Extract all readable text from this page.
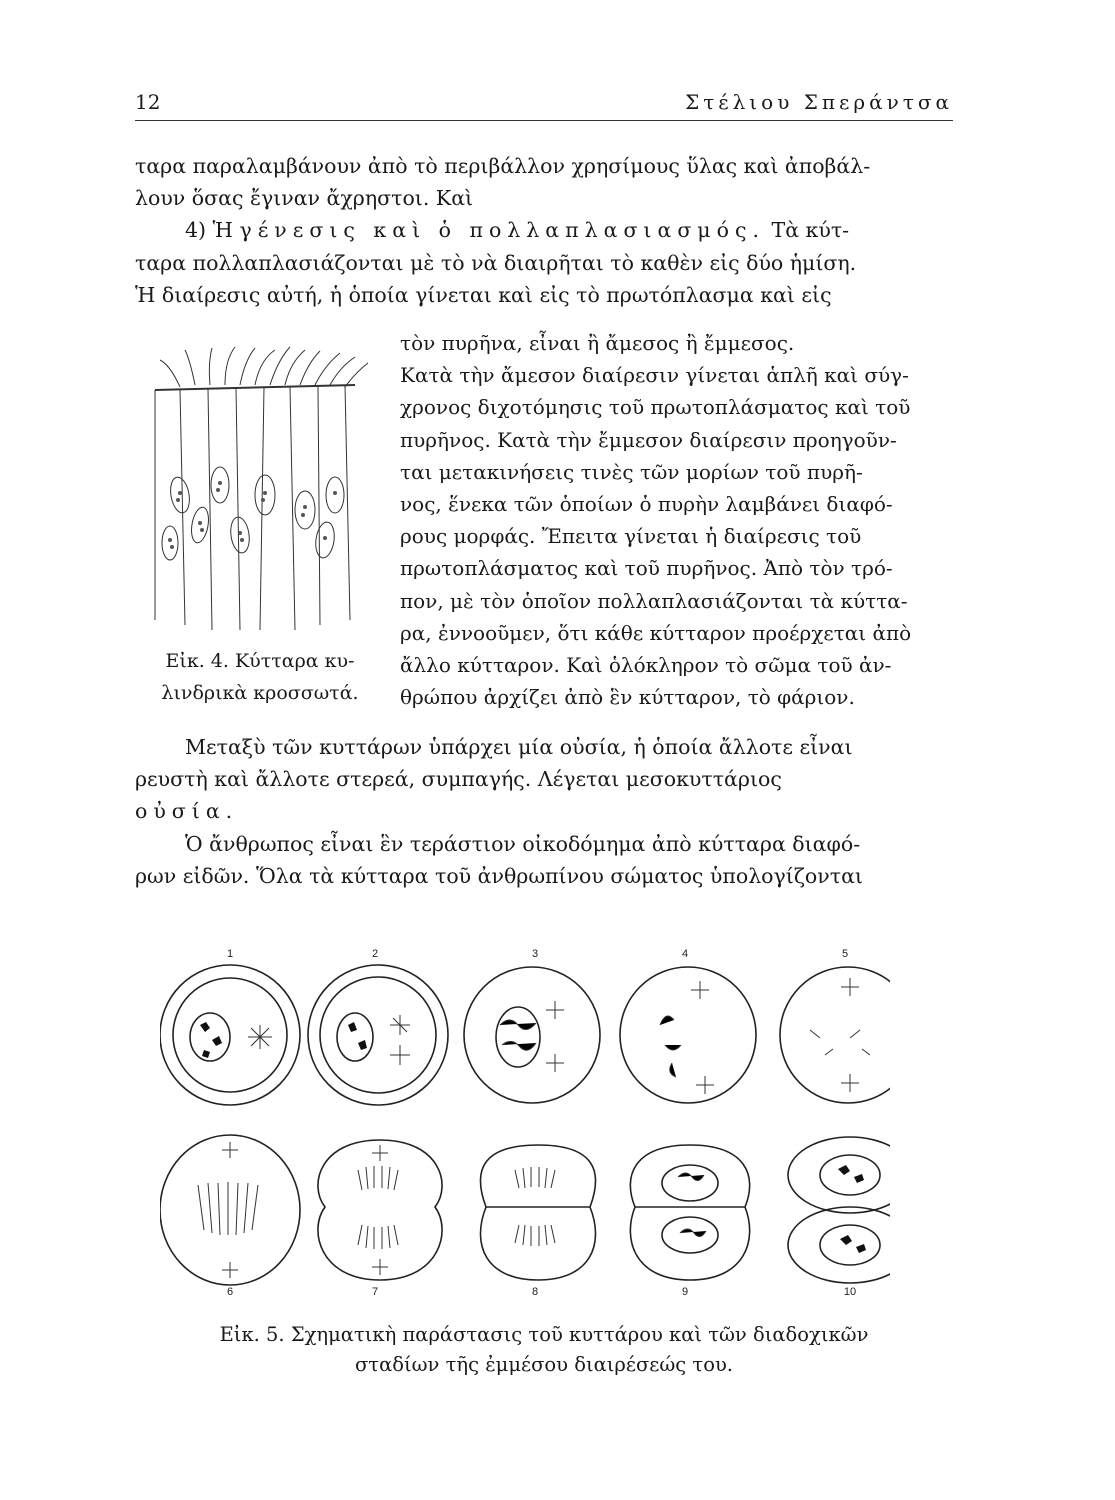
12	Στέλιου Σπεράντσα
ταρα παραλαμβάνουν ἀπὸ τὸ περιβάλλον χρησίμους ὕλας καὶ ἀποβάλ-
λουν ὅσας ἔγιναν ἄχρηστοι. Καὶ
4) Ἡ γένεσις καὶ ὁ πολλαπλασιασμός. Τὰ κύτ-
ταρα πολλαπλασιάζονται μὲ τὸ νὰ διαιρῆται τὸ καθὲν εἰς δύο ἡμίση.
Ἡ διαίρεσις αὐτή, ἡ ὁποία γίνεται καὶ εἰς τὸ πρωτόπλασμα καὶ εἰς
Εἰκ. 4. Κύτταρα κυ-
λινδρικὰ κροσσωτά.
τὸν πυρῆνα, εἶναι ἢ ἄμεσος ἢ ἔμμεσος.
Κατὰ τὴν ἄμεσον διαίρεσιν γίνεται ἁπλῆ καὶ σύγ-
χρονος διχοτόμησις τοῦ πρωτοπλάσματος καὶ τοῦ
πυρῆνος. Κατὰ τὴν ἔμμεσον διαίρεσιν προηγοῦν-
ται μετακινήσεις τινὲς τῶν μορίων τοῦ πυρῆ-
νος, ἕνεκα τῶν ὁποίων ὁ πυρὴν λαμβάνει διαφό-
ρους μορφάς. Ἔπειτα γίνεται ἡ διαίρεσις τοῦ
πρωτοπλάσματος καὶ τοῦ πυρῆνος. Ἀπὸ τὸν τρό-
πον, μὲ τὸν ὁποῖον πολλαπλασιάζονται τὰ κύττα-
ρα, ἐννοοῦμεν, ὅτι κάθε κύτταρον προέρχεται ἀπὸ
ἄλλο κύτταρον. Καὶ ὁλόκληρον τὸ σῶμα τοῦ ἀν-
θρώπου ἀρχίζει ἀπὸ ἓν κύτταρον, τὸ φάριον.
Μεταξὺ τῶν κυττάρων ὑπάρχει μία οὐσία, ἡ ὁποία ἄλλοτε εἶναι
ρευστὴ καὶ ἄλλοτε στερεά, συμπαγής. Λέγεται μεσοκυττάριος
οὐσία.
Ὁ ἄνθρωπος εἶναι ἓν τεράστιον οἰκοδόμημα ἀπὸ κύτταρα διαφό-
ρων εἰδῶν. Ὅλα τὰ κύτταρα τοῦ ἀνθρωπίνου σώματος ὑπολογίζονται
1	2	3	4	5
6	7	8	9	10
Εἰκ. 5. Σχηματικὴ παράστασις τοῦ κυττάρου καὶ τῶν διαδοχικῶν
σταδίων τῆς ἐμμέσου διαιρέσεώς του.
